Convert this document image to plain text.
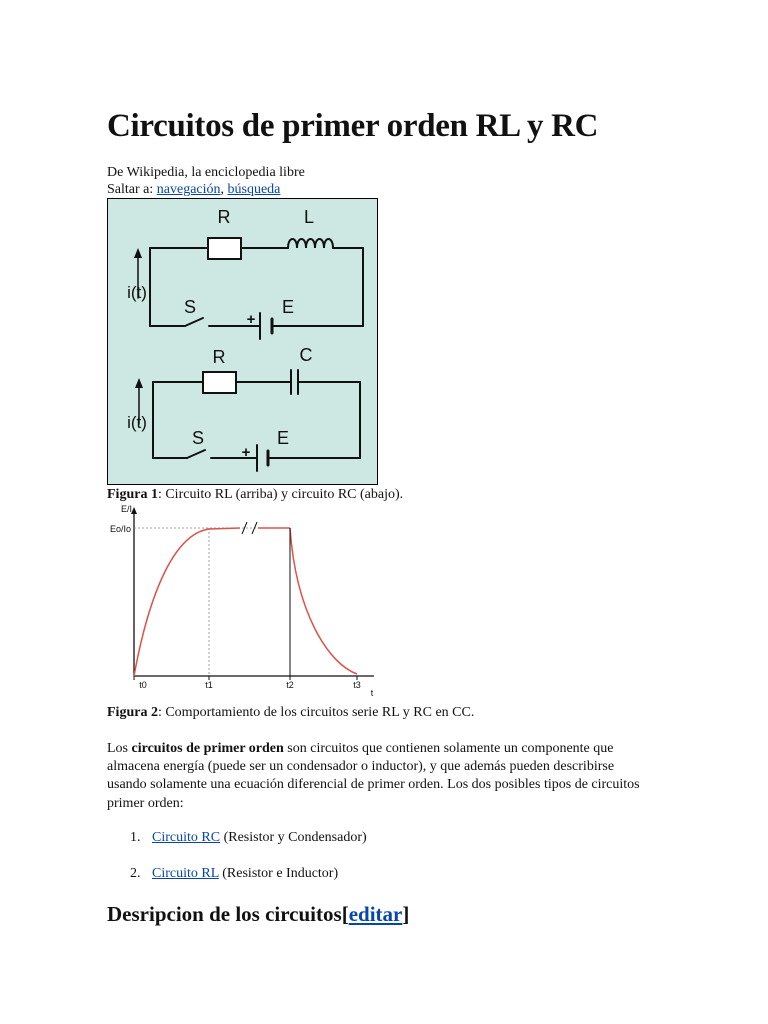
Circuitos de primer orden RL y RC
De Wikipedia, la enciclopedia libre
Saltar a: navegación, búsqueda
R	L
i(t)
S
+
E
R	C
i(t)
S
+
E
Figura 1: Circuito RL (arriba) y circuito RC (abajo).
E/I
Eo/Io
t0	t1	t2	t3
t
Figura 2: Comportamiento de los circuitos serie RL y RC en CC.
Los circuitos de primer orden son circuitos que contienen solamente un componente que almacena energía (puede ser un condensador o inductor), y que además pueden describirse usando solamente una ecuación diferencial de primer orden. Los dos posibles tipos de circuitos primer orden:
1. Circuito RC (Resistor y Condensador)
2. Circuito RL (Resistor e Inductor)
Desripcion de los circuitos[editar]
